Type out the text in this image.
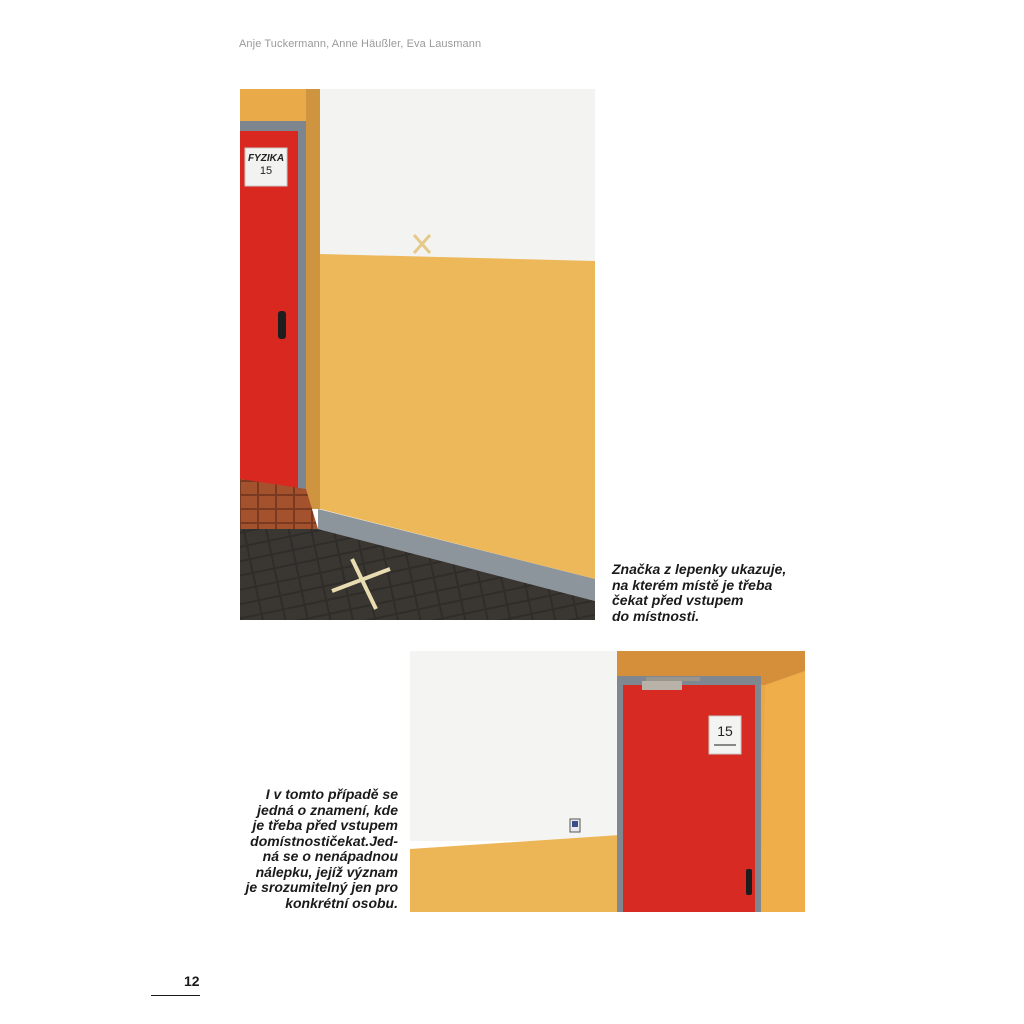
Anje Tuckermann, Anne Häußler, Eva Lausmann
FYZIKA
15
Značka z lepenky ukazuje,
na kterém místě je třeba
čekat před vstupem
do místnosti.
15
I v tomto případě se
jedná o znamení, kde
je třeba před vstupem
domístnostičekat.Jed-
ná se o nenápadnou
nálepku, jejíž význam
je srozumitelný jen pro
konkrétní osobu.
12
